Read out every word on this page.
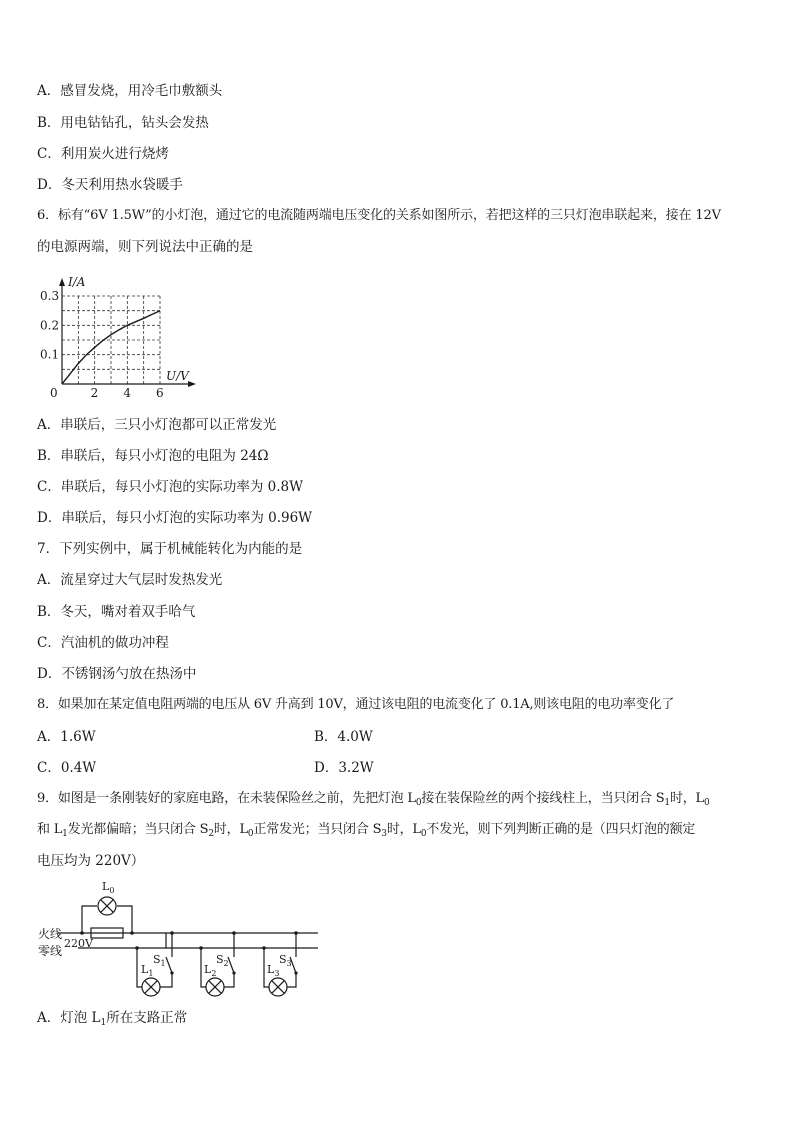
A．感冒发烧，用冷毛巾敷额头
B．用电钻钻孔，钻头会发热
C．利用炭火进行烧烤
D．冬天利用热水袋暖手
6．标有“6V 1.5W”的小灯泡，通过它的电流随两端电压变化的关系如图所示，若把这样的三只灯泡串联起来，接在 12V
的电源两端，则下列说法中正确的是
2 4 6
0.1
0.2
0.3
I/A
U/V
0
A．串联后，三只小灯泡都可以正常发光
B．串联后，每只小灯泡的电阻为 24Ω
C．串联后，每只小灯泡的实际功率为 0.8W
D．串联后，每只小灯泡的实际功率为 0.96W
7．下列实例中，属于机械能转化为内能的是
A．流星穿过大气层时发热发光
B．冬天，嘴对着双手哈气
C．汽油机的做功冲程
D．不锈钢汤勺放在热汤中
8．如果加在某定值电阻两端的电压从 6V 升高到 10V，通过该电阻的电流变化了 0.1A,则该电阻的电功率变化了
A．1.6W	B．4.0W
C．0.4W	D．3.2W
9．如图是一条刚装好的家庭电路，在未装保险丝之前，先把灯泡 $L_0$接在装保险丝的两个接线柱上，当只闭合 $S_1$时，$L_0$
和 $L_1$发光都偏暗；当只闭合 $S_2$时，$L_0$正常发光；当只闭合 $S_3$时，$L_0$不发光，则下列判断正确的是（四只灯泡的额定
电压均为 220V）
$L_0$
火线
零线
220V
$L_1$
$S_1$	$L_2$
$S_2$	$L_3$
$S_3$
A．灯泡 $L_1$所在支路正常
